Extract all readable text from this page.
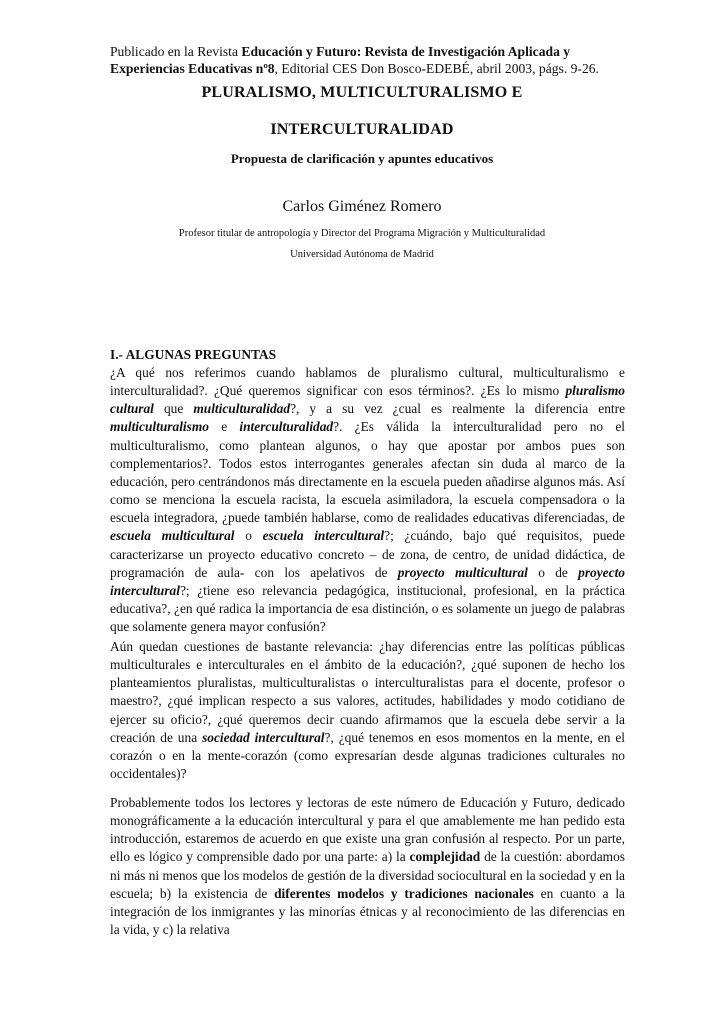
Publicado en la Revista Educación y Futuro: Revista de Investigación Aplicada y Experiencias Educativas nº8, Editorial CES Don Bosco-EDEBÉ, abril 2003, págs. 9-26.
PLURALISMO, MULTICULTURALISMO E
INTERCULTURALIDAD
Propuesta de clarificación y apuntes educativos
Carlos Giménez Romero
Profesor titular de antropología y Director del Programa Migración y Multiculturalidad
Universidad Autónoma de Madrid
I.- ALGUNAS PREGUNTAS

¿A qué nos referimos cuando hablamos de pluralismo cultural, multiculturalismo e interculturalidad?. ¿Qué queremos significar con esos términos?. ¿Es lo mismo pluralismo cultural que multiculturalidad?, y a su vez ¿cual es realmente la diferencia entre multiculturalismo e interculturalidad?. ¿Es válida la interculturalidad pero no el multiculturalismo, como plantean algunos, o hay que apostar por ambos pues son complementarios?. Todos estos interrogantes generales afectan sin duda al marco de la educación, pero centrándonos más directamente en la escuela pueden añadirse algunos más. Así como se menciona la escuela racista, la escuela asimiladora, la escuela compensadora o la escuela integradora, ¿puede también hablarse, como de realidades educativas diferenciadas, de escuela multicultural o escuela intercultural?; ¿cuándo, bajo qué requisitos, puede caracterizarse un proyecto educativo concreto – de zona, de centro, de unidad didáctica, de programación de aula- con los apelativos de proyecto multicultural o de proyecto intercultural?; ¿tiene eso relevancia pedagógica, institucional, profesional, en la práctica educativa?, ¿en qué radica la importancia de esa distinción, o es solamente un juego de palabras que solamente genera mayor confusión?

Aún quedan cuestiones de bastante relevancia: ¿hay diferencias entre las políticas públicas multiculturales e interculturales en el ámbito de la educación?, ¿qué suponen de hecho los planteamientos pluralistas, multiculturalistas o interculturalistas para el docente, profesor o maestro?, ¿qué implican respecto a sus valores, actitudes, habilidades y modo cotidiano de ejercer su oficio?, ¿qué queremos decir cuando afirmamos que la escuela debe servir a la creación de una sociedad intercultural?, ¿qué tenemos en esos momentos en la mente, en el corazón o en la mente-corazón (como expresarían desde algunas tradiciones culturales no occidentales)?

Probablemente todos los lectores y lectoras de este número de Educación y Futuro, dedicado monográficamente a la educación intercultural y para el que amablemente me han pedido esta introducción, estaremos de acuerdo en que existe una gran confusión al respecto. Por un parte, ello es lógico y comprensible dado por una parte: a) la complejidad de la cuestión: abordamos ni más ni menos que los modelos de gestión de la diversidad sociocultural en la sociedad y en la escuela; b) la existencia de diferentes modelos y tradiciones nacionales en cuanto a la integración de los inmigrantes y las minorías étnicas y al reconocimiento de las diferencias en la vida, y c) la relativa
